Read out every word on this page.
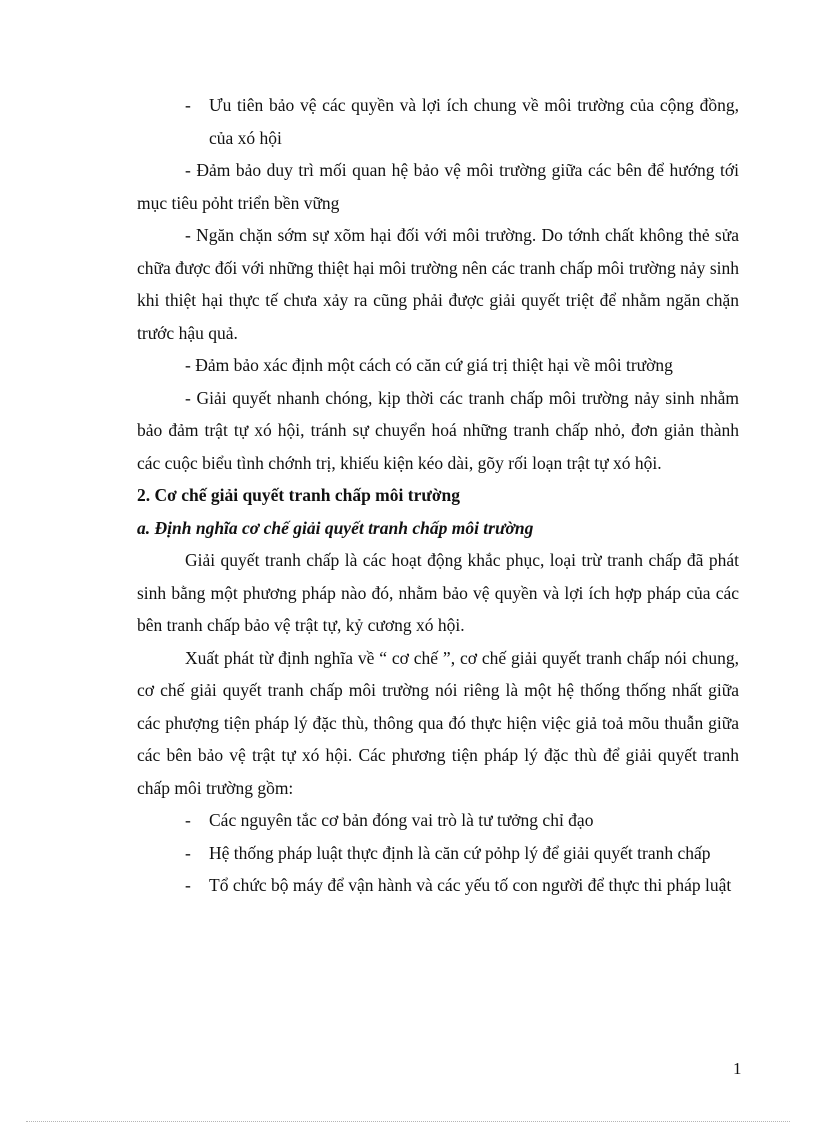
- Ưu tiên bảo vệ các quyền và lợi ích chung về môi trường của cộng đồng, của xó hội

- Đảm bảo duy trì mối quan hệ bảo vệ môi trường giữa các bên để hướng tới mục tiêu pỏht triển bền vững

- Ngăn chặn sớm sự xõm hại đối với môi trường. Do tớnh chất không thẻ sửa chữa được đối với những thiệt hại môi trường nên các tranh chấp môi trường nảy sinh khi thiệt hại thực tế chưa xảy ra cũng phải được giải quyết triệt để nhằm ngăn chặn trước hậu quả.

- Đảm bảo xác định một cách có căn cứ giá trị thiệt hại về môi trường

- Giải quyết nhanh chóng, kịp thời các tranh chấp môi trường nảy sinh nhằm bảo đảm trật tự xó hội, tránh sự chuyển hoá những tranh chấp nhỏ, đơn giản thành các cuộc biểu tình chớnh trị, khiếu kiện kéo dài, gõy rối loạn trật tự xó hội.

2. Cơ chế giải quyết tranh chấp môi trường

a. Định nghĩa cơ chế giải quyết tranh chấp môi trường

Giải quyết tranh chấp là các hoạt động khắc phục, loại trừ tranh chấp đã phát sinh bằng một phương pháp nào đó, nhằm bảo vệ quyền và lợi ích hợp pháp của các bên tranh chấp bảo vệ trật tự, kỷ cương xó hội.

Xuất phát từ định nghĩa về “ cơ chế ”, cơ chế giải quyết tranh chấp nói chung, cơ chế giải quyết tranh chấp môi trường nói riêng là một hệ thống thống nhất giữa các phượng tiện pháp lý đặc thù, thông qua đó thực hiện việc giả toả mõu thuẫn giữa các bên bảo vệ trật tự xó hội. Các phương tiện pháp lý đặc thù để giải quyết tranh chấp môi trường gồm:

- Các nguyên tắc cơ bản đóng vai trò là tư tưởng chỉ đạo

- Hệ thống pháp luật thực định là căn cứ pỏhp lý để giải quyết tranh chấp

- Tổ chức bộ máy để vận hành và các yếu tố con người để thực thi pháp luật

1
